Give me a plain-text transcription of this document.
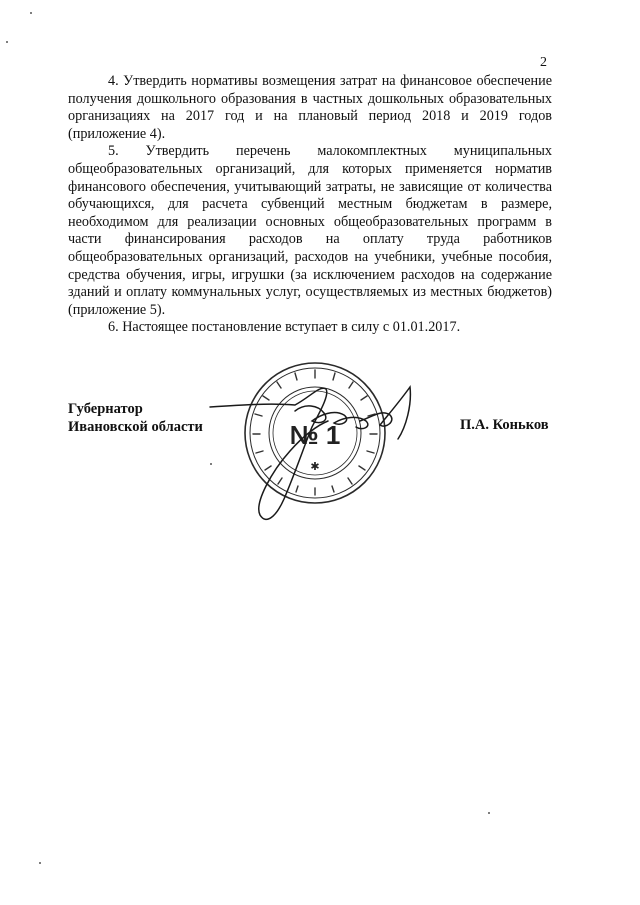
2

4. Утвердить нормативы возмещения затрат на финансовое обеспечение получения дошкольного образования в частных дошкольных образовательных организациях на 2017 год и на плановый период 2018 и 2019 годов (приложение 4).

5. Утвердить перечень малокомплектных муниципальных общеобразовательных организаций, для которых применяется норматив финансового обеспечения, учитывающий затраты, не зависящие от количества обучающихся, для расчета субвенций местным бюджетам в размере, необходимом для реализации основных общеобразовательных программ в части финансирования расходов на оплату труда работников общеобразовательных организаций, расходов на учебники, учебные пособия, средства обучения, игры, игрушки (за исключением расходов на содержание зданий и оплату коммунальных услуг, осуществляемых из местных бюджетов) (приложение 5).

6. Настоящее постановление вступает в силу с 01.01.2017.

Губернатор
Ивановской области	П.А. Коньков
№ 1
✱
